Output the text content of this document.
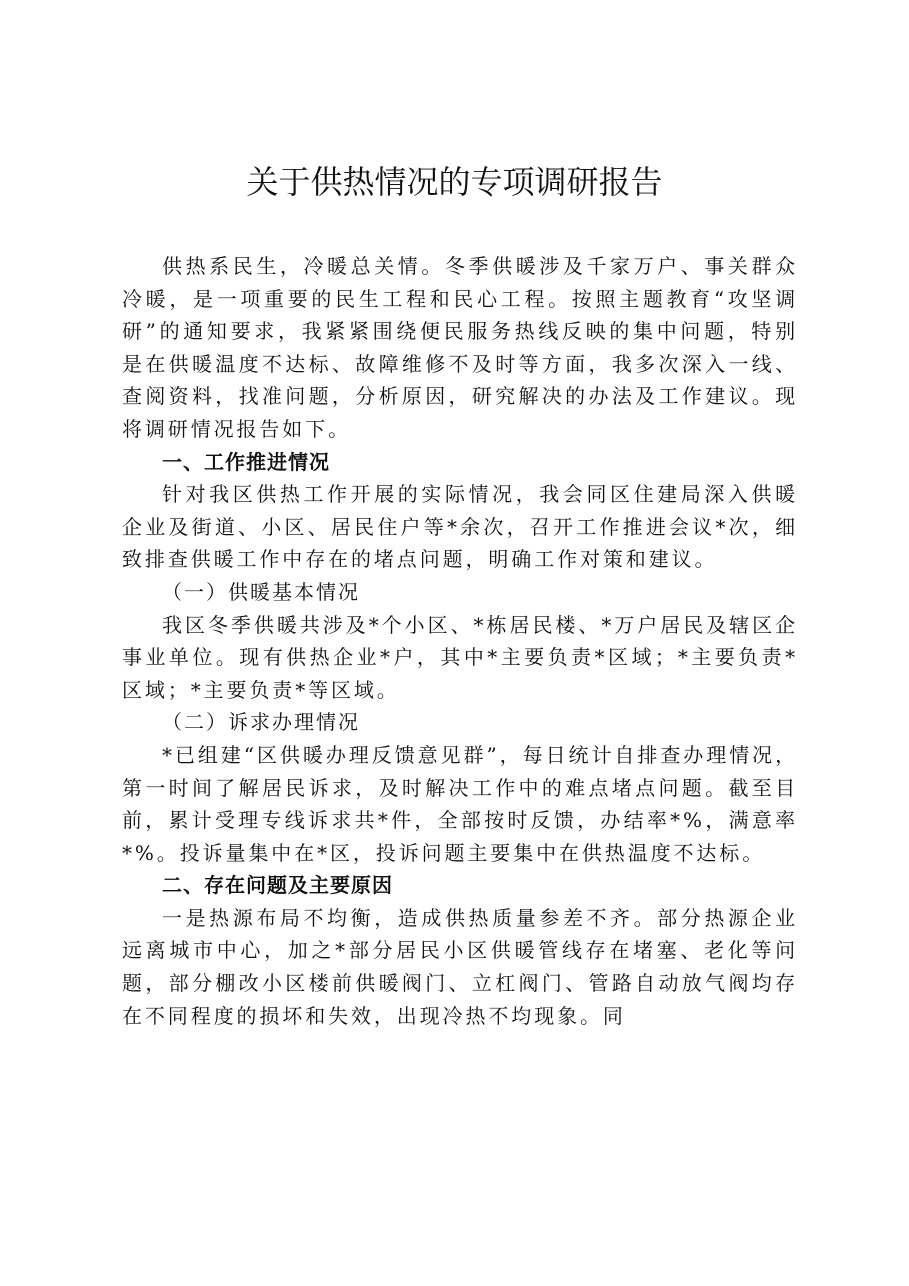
关于供热情况的专项调研报告

供热系民生，冷暖总关情。冬季供暖涉及千家万户、事关群众冷暖，是一项重要的民生工程和民心工程。按照主题教育“攻坚调研”的通知要求，我紧紧围绕便民服务热线反映的集中问题，特别是在供暖温度不达标、故障维修不及时等方面，我多次深入一线、查阅资料，找准问题，分析原因，研究解决的办法及工作建议。现将调研情况报告如下。

一、工作推进情况

针对我区供热工作开展的实际情况，我会同区住建局深入供暖企业及街道、小区、居民住户等*余次，召开工作推进会议*次，细致排查供暖工作中存在的堵点问题，明确工作对策和建议。

（一）供暖基本情况

我区冬季供暖共涉及*个小区、*栋居民楼、*万户居民及辖区企事业单位。现有供热企业*户，其中*主要负责*区域；*主要负责*区域；*主要负责*等区域。

（二）诉求办理情况

*已组建“区供暖办理反馈意见群”，每日统计自排查办理情况，第一时间了解居民诉求，及时解决工作中的难点堵点问题。截至目前，累计受理专线诉求共*件，全部按时反馈，办结率*%，满意率*%。投诉量集中在*区，投诉问题主要集中在供热温度不达标。

二、存在问题及主要原因

一是热源布局不均衡，造成供热质量参差不齐。部分热源企业远离城市中心，加之*部分居民小区供暖管线存在堵塞、老化等问题，部分棚改小区楼前供暖阀门、立杠阀门、管路自动放气阀均存在不同程度的损坏和失效，出现冷热不均现象。同
